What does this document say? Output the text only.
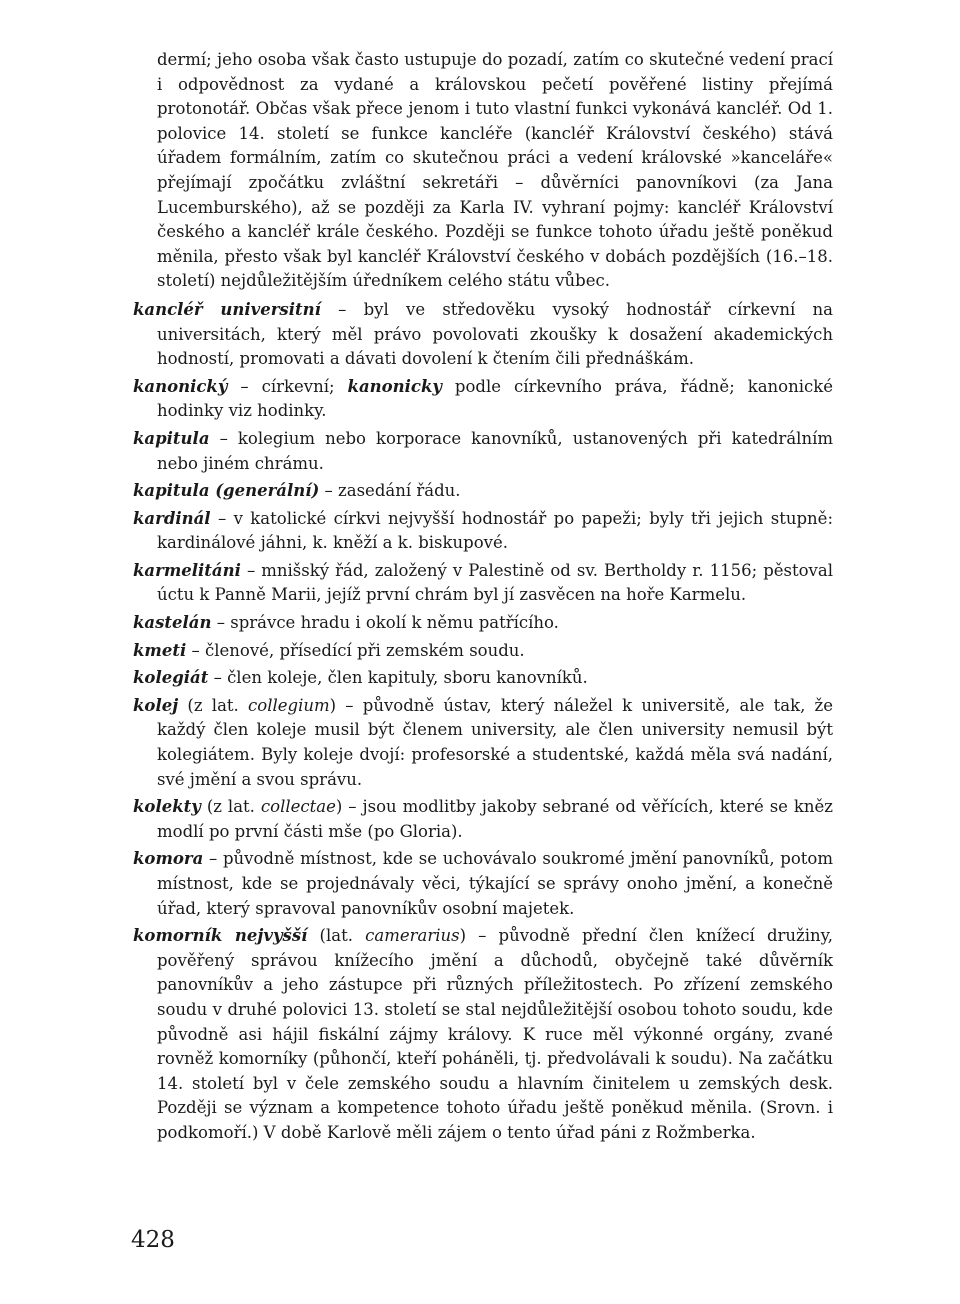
dermí; jeho osoba však často ustupuje do pozadí, zatím co skutečné vedení prací i odpovědnost za vydané a královskou pečetí pověřené listiny přejímá protonotář. Občas však přece jenom i tuto vlastní funkci vykonává kancléř. Od 1. polovice 14. století se funkce kancléře (kancléř Království českého) stává úřadem formálním, zatím co skutečnou práci a vedení královské »kanceláře« přejímají zpočátku zvláštní sekretáři – důvěrníci panovníkovi (za Jana Lucemburského), až se později za Karla IV. vyhraní pojmy: kancléř Království českého a kancléř krále českého. Později se funkce tohoto úřadu ještě poněkud měnila, přesto však byl kancléř Království českého v dobách pozdějších (16.–18. století) nejdůležitějším úředníkem celého státu vůbec.

kancléř universitní – byl ve středověku vysoký hodnostář církevní na universitách, který měl právo povolovati zkoušky k dosažení akademických hodností, promovati a dávati dovolení k čtením čili přednáškám.

kanonický – církevní; kanonicky podle církevního práva, řádně; kanonické hodinky viz hodinky.

kapitula – kolegium nebo korporace kanovníků, ustanovených při katedrálním nebo jiném chrámu.

kapitula (generální) – zasedání řádu.

kardinál – v katolické církvi nejvyšší hodnostář po papeži; byly tři jejich stupně: kardinálové jáhni, k. kněží a k. biskupové.

karmelitáni – mnišský řád, založený v Palestině od sv. Bertholdy r. 1156; pěstoval úctu k Panně Marii, jejíž první chrám byl jí zasvěcen na hoře Karmelu.

kastelán – správce hradu i okolí k němu patřícího.

kmeti – členové, přísedící při zemském soudu.

kolegiát – člen koleje, člen kapituly, sboru kanovníků.

kolej (z lat. collegium) – původně ústav, který náležel k universitě, ale tak, že každý člen koleje musil být členem university, ale člen university nemusil být kolegiátem. Byly koleje dvojí: profesorské a studentské, každá měla svá nadání, své jmění a svou správu.

kolekty (z lat. collectae) – jsou modlitby jakoby sebrané od věřících, které se kněz modlí po první části mše (po Gloria).

komora – původně místnost, kde se uchovávalo soukromé jmění panovníků, potom místnost, kde se projednávaly věci, týkající se správy onoho jmění, a konečně úřad, který spravoval panovníkův osobní majetek.

komorník nejvyšší (lat. camerarius) – původně přední člen knížecí družiny, pověřený správou knížecího jmění a důchodů, obyčejně také důvěrník panovníkův a jeho zástupce při různých příležitostech. Po zřízení zemského soudu v druhé polovici 13. století se stal nejdůležitější osobou tohoto soudu, kde původně asi hájil fiskální zájmy královy. K ruce měl výkonné orgány, zvané rovněž komorníky (půhončí, kteří poháněli, tj. předvolávali k soudu). Na začátku 14. století byl v čele zemského soudu a hlavním činitelem u zemských desk. Později se význam a kompetence tohoto úřadu ještě poněkud měnila. (Srovn. i podkomoří.) V době Karlově měli zájem o tento úřad páni z Rožmberka.

428
